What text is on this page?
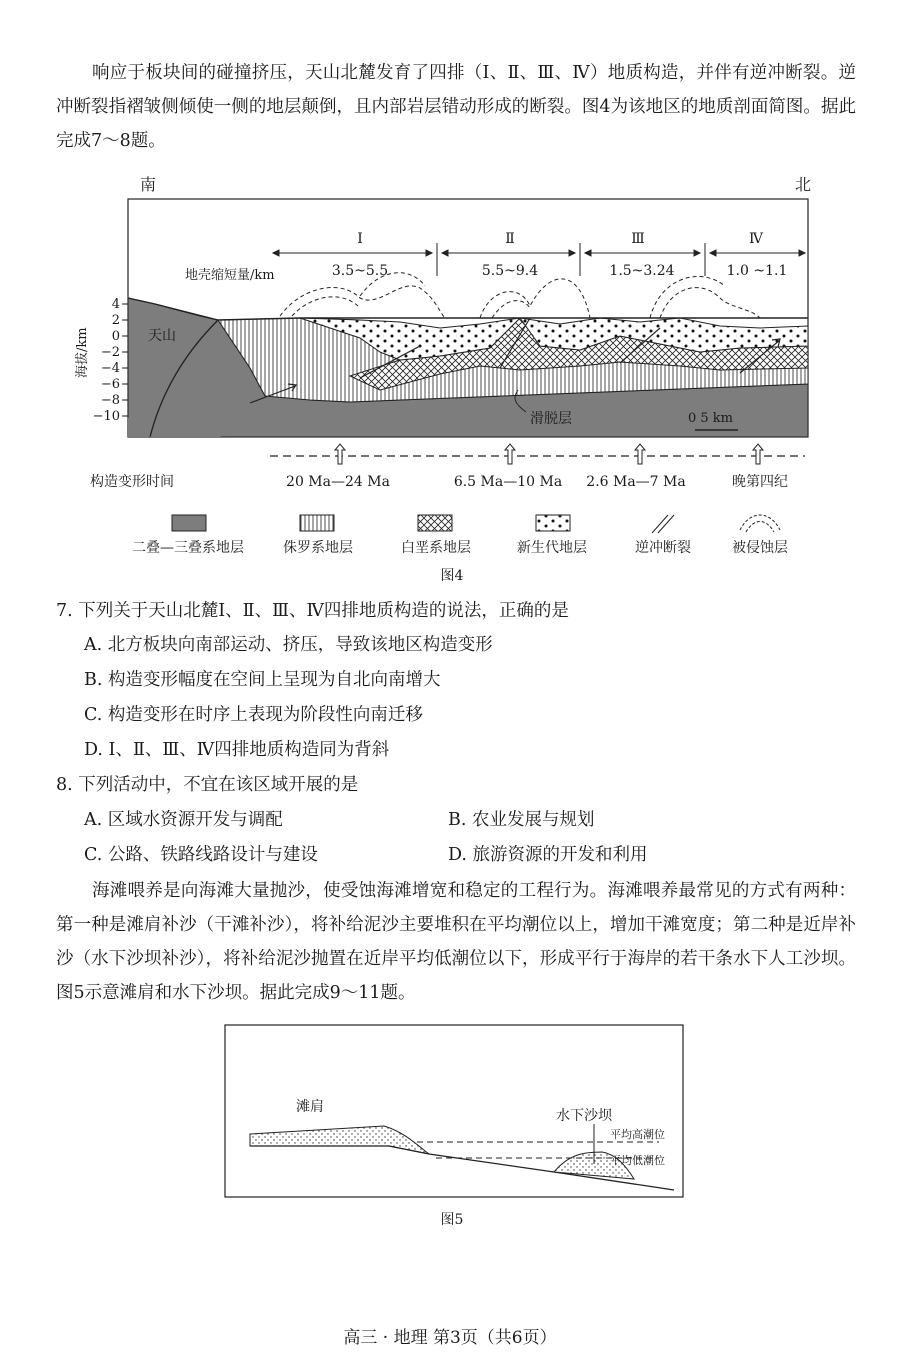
响应于板块间的碰撞挤压，天山北麓发育了四排（Ⅰ、Ⅱ、Ⅲ、Ⅳ）地质构造，并伴有逆冲断裂。逆冲断裂指褶皱侧倾使一侧的地层颠倒，且内部岩层错动形成的断裂。图4为该地区的地质剖面简图。据此完成7～8题。
南	北
Ⅰ	Ⅱ	Ⅲ	Ⅳ
地壳缩短量/km	3.5~5.5	5.5~9.4	1.5~3.24	1.0 ~1.1
4
2
0
−2
−4
−6
−8
−10
海拔/km	天山
滑脱层	0 5 km
构造变形时间	20 Ma—24 Ma	6.5 Ma—10 Ma 2.6 Ma—7 Ma	晚第四纪
二叠—三叠系地层	侏罗系地层	白垩系地层	新生代地层	逆冲断裂	被侵蚀层
图4
7. 下列关于天山北麓Ⅰ、Ⅱ、Ⅲ、Ⅳ四排地质构造的说法，正确的是
A. 北方板块向南部运动、挤压，导致该地区构造变形
B. 构造变形幅度在空间上呈现为自北向南增大
C. 构造变形在时序上表现为阶段性向南迁移
D. Ⅰ、Ⅱ、Ⅲ、Ⅳ四排地质构造同为背斜
8. 下列活动中，不宜在该区域开展的是
A. 区域水资源开发与调配	B. 农业发展与规划
C. 公路、铁路线路设计与建设	D. 旅游资源的开发和利用
海滩喂养是向海滩大量抛沙，使受蚀海滩增宽和稳定的工程行为。海滩喂养最常见的方式有两种：第一种是滩肩补沙（干滩补沙），将补给泥沙主要堆积在平均潮位以上，增加干滩宽度；第二种是近岸补沙（水下沙坝补沙），将补给泥沙抛置在近岸平均低潮位以下，形成平行于海岸的若干条水下人工沙坝。图5示意滩肩和水下沙坝。据此完成9～11题。
滩肩
水下沙坝
平均高潮位
平均低潮位
图5
高三 · 地理 第3页（共6页）
